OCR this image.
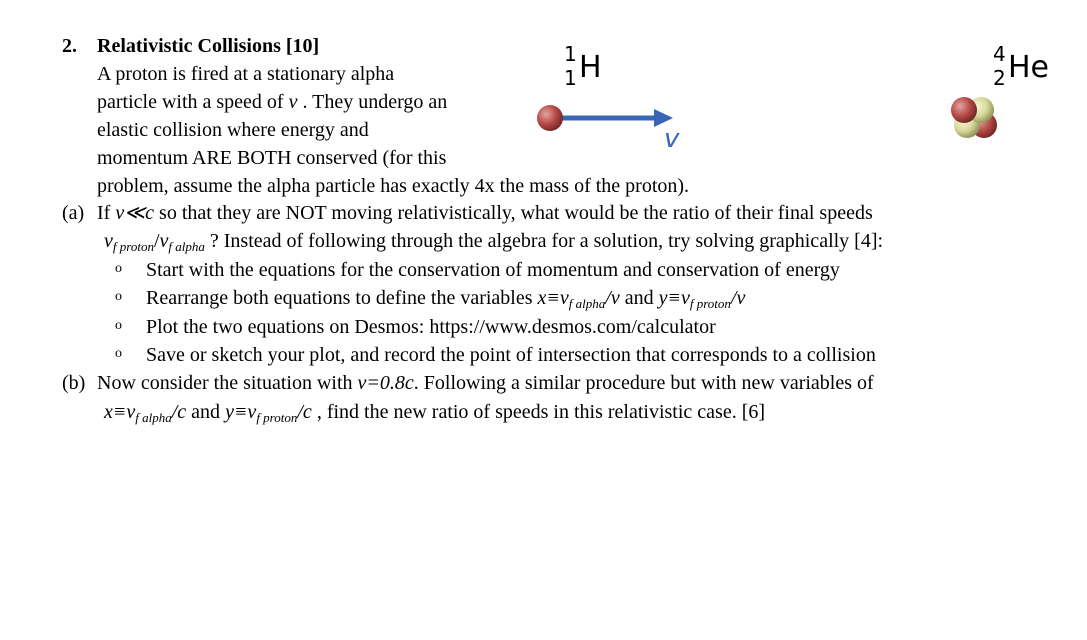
2. Relativistic Collisions [10]
A proton is fired at a stationary alpha
particle with a speed of v . They undergo an
elastic collision where energy and
momentum ARE BOTH conserved (for this
problem, assume the alpha particle has exactly 4x the mass of the proton).
1
1 H
v
4
2 He
(a) If v≪c so that they are NOT moving relativistically, what would be the ratio of their final speeds
$v_{f proton}/v_{f alpha}$ ? Instead of following through the algebra for a solution, try solving graphically [4]:
o Start with the equations for the conservation of momentum and conservation of energy
o Rearrange both equations to define the variables $x\equiv v_{f alpha}/v$ and $y\equiv v_{f proton}/v$
o Plot the two equations on Desmos: https://www.desmos.com/calculator
o Save or sketch your plot, and record the point of intersection that corresponds to a collision
(b) Now consider the situation with v=0.8c. Following a similar procedure but with new variables of
$x\equiv v_{f alpha}/c$ and $y\equiv v_{f proton}/c$ , find the new ratio of speeds in this relativistic case. [6]
